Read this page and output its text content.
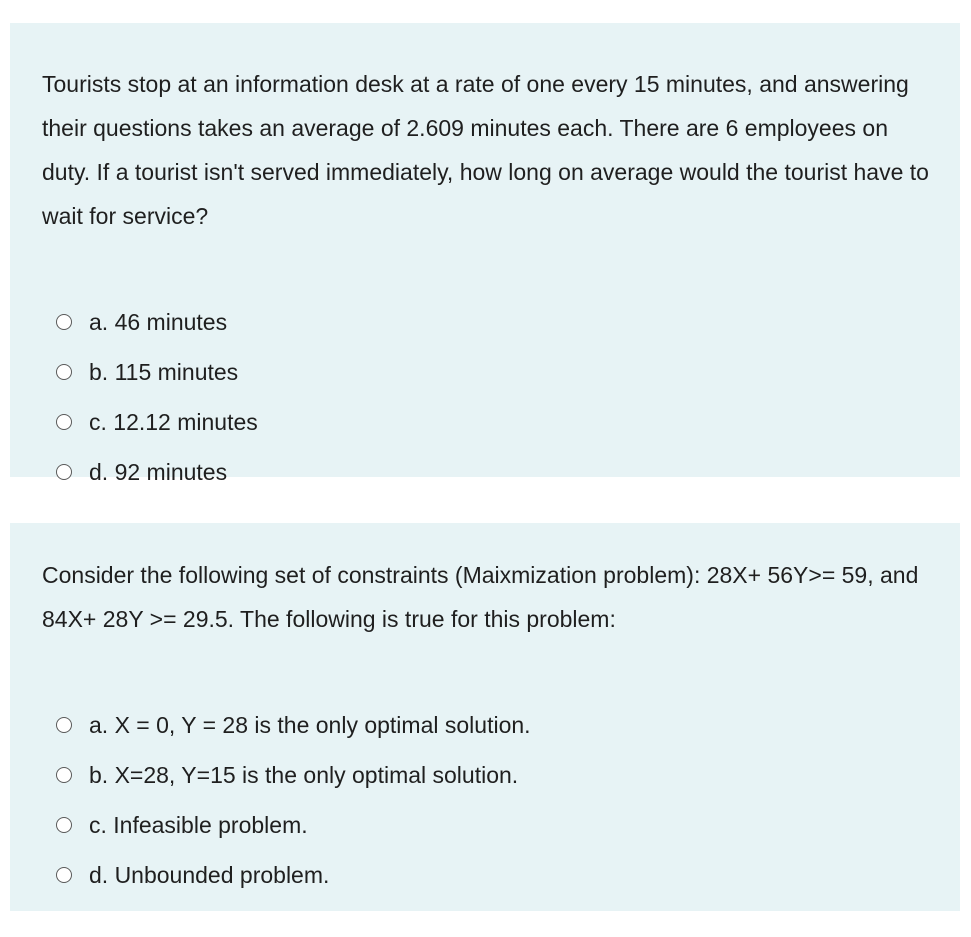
Tourists stop at an information desk at a rate of one every 15 minutes, and answering their questions takes an average of 2.609 minutes each. There are 6 employees on duty. If a tourist isn't served immediately, how long on average would the tourist have to wait for service?

a. 46 minutes
b. 115 minutes
c. 12.12 minutes
d. 92 minutes

Consider the following set of constraints (Maixmization problem): 28X+ 56Y>= 59, and 84X+ 28Y >= 29.5. The following is true for this problem:

a. X = 0, Y = 28 is the only optimal solution.
b. X=28, Y=15 is the only optimal solution.
c. Infeasible problem.
d. Unbounded problem.
